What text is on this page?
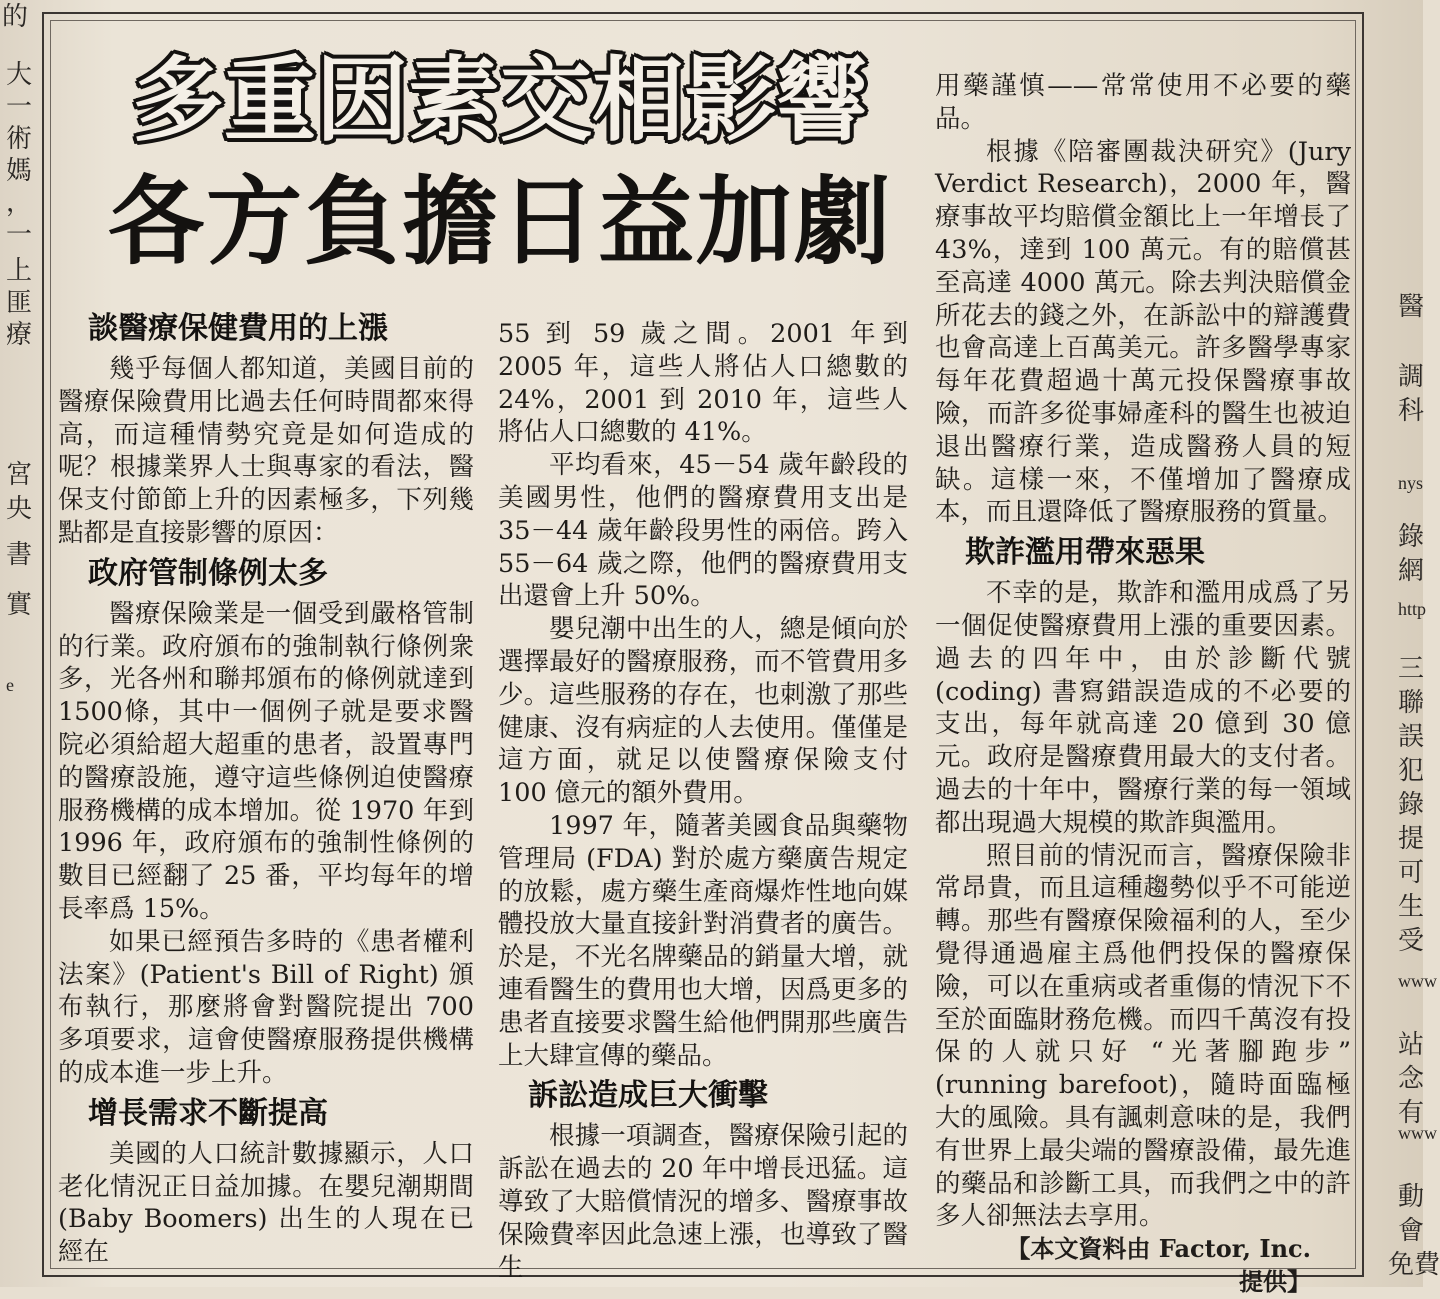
的
大
一
術
媽
，
一
上
匪
療
宮
央
書
實
e
醫
調
科
nys
錄
網
http
三
聯
誤
犯
錄
提
可
生
受
www
站
念
有
www
動
會
免費
多重因素交相影響
各方負擔日益加劇
談醫療保健費用的上漲

幾乎每個人都知道，美國目前的醫療保險費用比過去任何時間都來得高，而這種情勢究竟是如何造成的呢？根據業界人士與專家的看法，醫保支付節節上升的因素極多，下列幾點都是直接影響的原因：

政府管制條例太多

醫療保險業是一個受到嚴格管制的行業。政府頒布的強制執行條例衆多，光各州和聯邦頒布的條例就達到1500條，其中一個例子就是要求醫院必須給超大超重的患者，設置專門的醫療設施，遵守這些條例迫使醫療服務機構的成本增加。從 1970 年到 1996 年，政府頒布的強制性條例的數目已經翻了 25 番，平均每年的增長率爲 15%。

如果已經預告多時的《患者權利法案》(Patient's Bill of Right) 頒布執行，那麼將會對醫院提出 700 多項要求，這會使醫療服務提供機構的成本進一步上升。

增長需求不斷提高

美國的人口統計數據顯示，人口老化情況正日益加據。在嬰兒潮期間 (Baby Boomers) 出生的人現在已經在

55 到 59 歲之間。2001 年到 2005 年，這些人將佔人口總數的 24%，2001 到 2010 年，這些人將佔人口總數的 41%。

平均看來，45－54 歲年齡段的美國男性，他們的醫療費用支出是 35－44 歲年齡段男性的兩倍。跨入 55－64 歲之際，他們的醫療費用支出還會上升 50%。

嬰兒潮中出生的人，總是傾向於選擇最好的醫療服務，而不管費用多少。這些服務的存在，也刺激了那些健康、沒有病症的人去使用。僅僅是這方面，就足以使醫療保險支付 100 億元的額外費用。

1997 年，隨著美國食品與藥物管理局 (FDA) 對於處方藥廣告規定的放鬆，處方藥生產商爆炸性地向媒體投放大量直接針對消費者的廣告。於是，不光名牌藥品的銷量大增，就連看醫生的費用也大增，因爲更多的患者直接要求醫生給他們開那些廣告上大肆宣傳的藥品。

訴訟造成巨大衝擊

根據一項調查，醫療保險引起的訴訟在過去的 20 年中增長迅猛。這導致了大賠償情況的增多、醫療事故保險費率因此急速上漲，也導致了醫生

用藥謹慎——常常使用不必要的藥品。

根據《陪審團裁決研究》(Jury Verdict Research)，2000 年，醫療事故平均賠償金額比上一年增長了 43%，達到 100 萬元。有的賠償甚至高達 4000 萬元。除去判決賠償金所花去的錢之外，在訴訟中的辯護費也會高達上百萬美元。許多醫學專家每年花費超過十萬元投保醫療事故險，而許多從事婦產科的醫生也被迫退出醫療行業，造成醫務人員的短缺。這樣一來，不僅增加了醫療成本，而且還降低了醫療服務的質量。

欺詐濫用帶來惡果

不幸的是，欺詐和濫用成爲了另一個促使醫療費用上漲的重要因素。過去的四年中，由於診斷代號 (coding) 書寫錯誤造成的不必要的支出，每年就高達 20 億到 30 億元。政府是醫療費用最大的支付者。過去的十年中，醫療行業的每一領域都出現過大規模的欺詐與濫用。

照目前的情況而言，醫療保險非常昂貴，而且這種趨勢似乎不可能逆轉。那些有醫療保險福利的人，至少覺得通過雇主爲他們投保的醫療保險，可以在重病或者重傷的情況下不至於面臨財務危機。而四千萬沒有投保的人就只好 “光著腳跑步” (running barefoot)，隨時面臨極大的風險。具有諷刺意味的是，我們有世界上最尖端的醫療設備，最先進的藥品和診斷工具，而我們之中的許多人卻無法去享用。

【本文資料由 Factor, Inc. 提供】
